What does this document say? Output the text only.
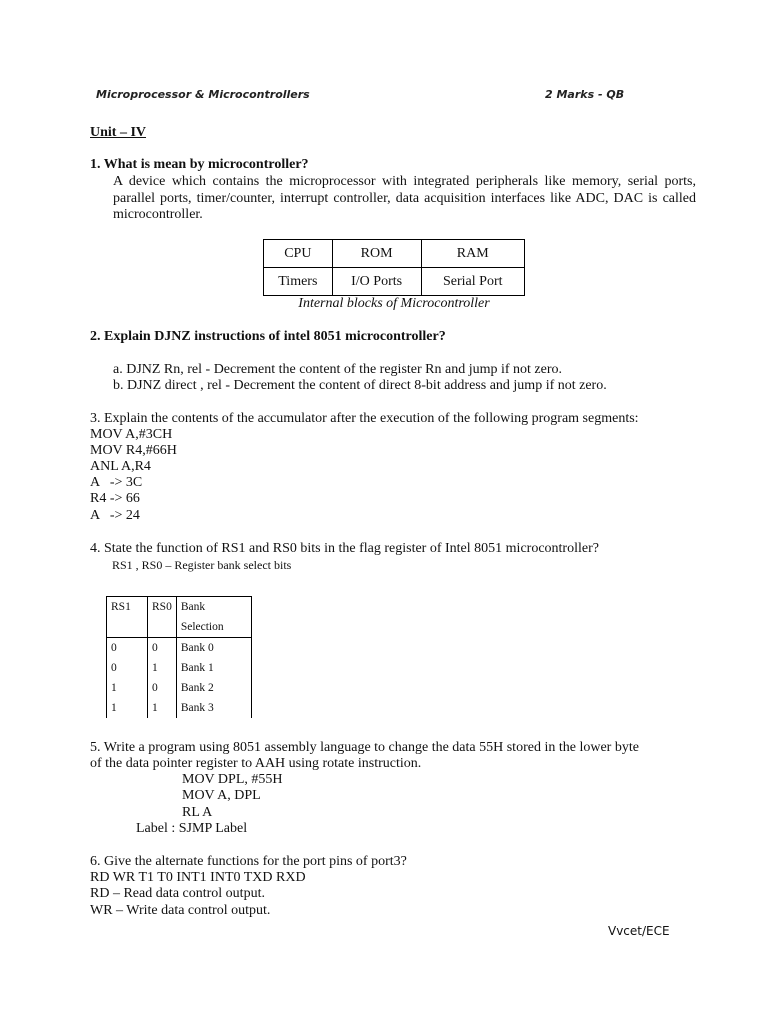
Microprocessor & Microcontrollers	2 Marks - QB
Unit – IV
1. What is mean by microcontroller?
A device which contains the microprocessor with integrated peripherals like memory, serial ports, parallel ports, timer/counter, interrupt controller, data acquisition interfaces like ADC, DAC is called microcontroller.
CPU	ROM	RAM
Timers	I/O Ports	Serial Port
Internal blocks of Microcontroller
2. Explain DJNZ instructions of intel 8051 microcontroller?
a. DJNZ Rn, rel - Decrement the content of the register Rn and jump if not zero.
b. DJNZ direct , rel - Decrement the content of direct 8-bit address and jump if not zero.
3. Explain the contents of the accumulator after the execution of the following program segments:
MOV A,#3CH
MOV R4,#66H
ANL A,R4
A   -> 3C
R4 -> 66
A   -> 24
4. State the function of RS1 and RS0 bits in the flag register of Intel 8051 microcontroller?
RS1 , RS0 – Register bank select bits
RS1	RS0	Bank
		Selection
0	0	Bank 0
0	1	Bank 1
1	0	Bank 2
1	1	Bank 3
5. Write a program using 8051 assembly language to change the data 55H stored in the lower byte
of the data pointer register to AAH using rotate instruction.
MOV DPL, #55H
MOV A, DPL
RL A
Label : SJMP Label
6. Give the alternate functions for the port pins of port3?
RD WR T1 T0 INT1 INT0 TXD RXD
RD – Read data control output.
WR – Write data control output.
Vvcet/ECE
